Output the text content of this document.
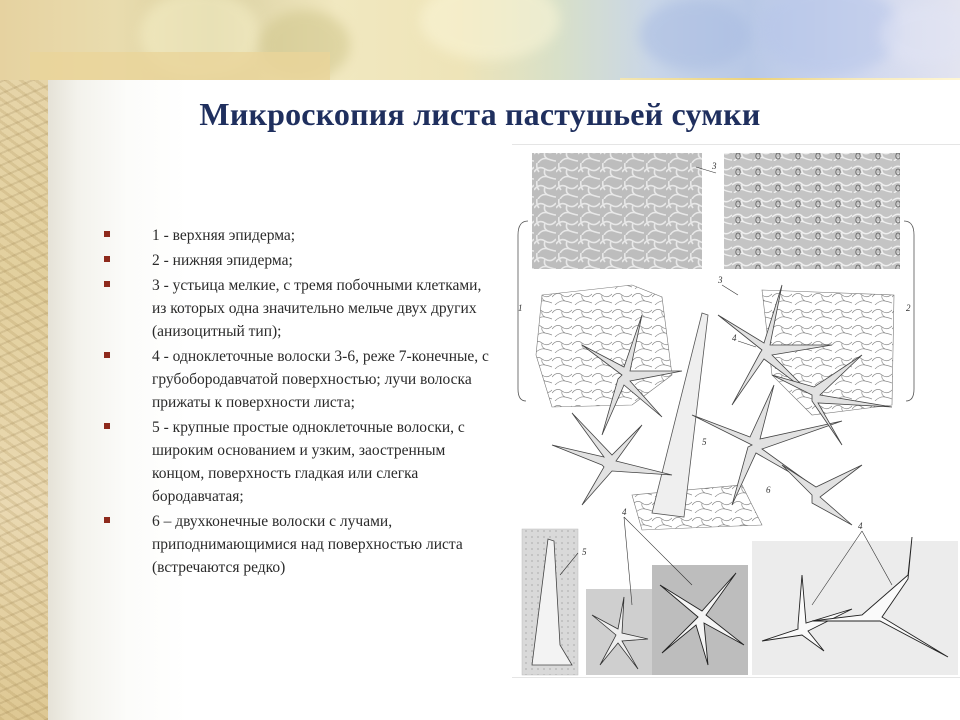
Микроскопия листа пастушьей сумки
1 - верхняя эпидерма;
2 - нижняя эпидерма;
3 - устьица мелкие, с тремя побочными клетками, из которых одна значительно мельче двух других (анизоцитный тип);
4 - одноклеточные волоски 3-6, реже 7-конечные, с грубобородавчатой поверхностью; лучи волоска прижаты к поверхности листа;
5 - крупные простые одноклеточные волоски, с широким основанием и узким, заостренным концом, поверхность гладкая или слегка бородавчатая;
6 – двухконечные волоски с лучами, приподнимающимися над поверхностью листа (встречаются редко)
3
1	2
5
3
4
6
5
4
4
